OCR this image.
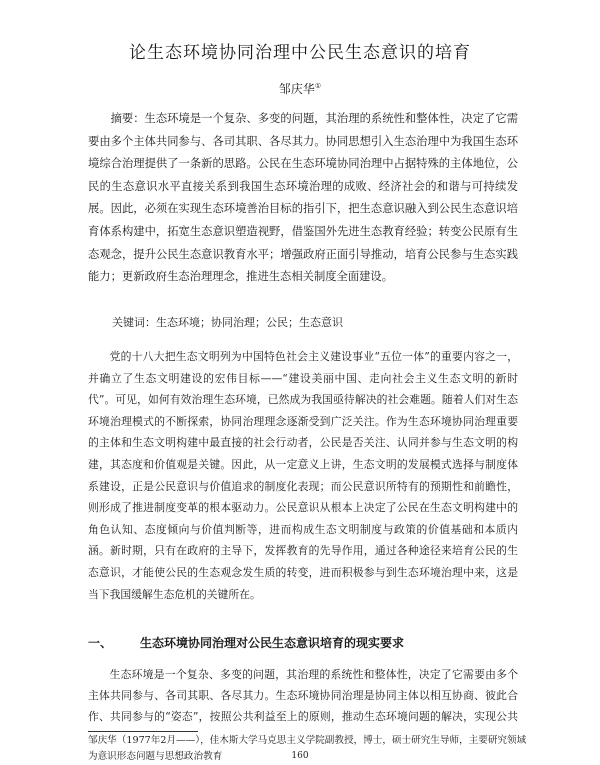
论生态环境协同治理中公民生态意识的培育
邹庆华①
摘要：生态环境是一个复杂、多变的问题，其治理的系统性和整体性，决定了它需要由多个主体共同参与、各司其职、各尽其力。协同思想引入生态治理中为我国生态环境综合治理提供了一条新的思路。公民在生态环境协同治理中占据特殊的主体地位，公民的生态意识水平直接关系到我国生态环境治理的成败、经济社会的和谐与可持续发展。因此，必须在实现生态环境善治目标的指引下，把生态意识融入到公民生态意识培育体系构建中，拓宽生态意识塑造视野，借鉴国外先进生态教育经验；转变公民原有生态观念，提升公民生态意识教育水平；增强政府正面引导推动，培育公民参与生态实践能力；更新政府生态治理理念，推进生态相关制度全面建设。
关键词：生态环境；协同治理；公民；生态意识
党的十八大把生态文明列为中国特色社会主义建设事业“五位一体”的重要内容之一，并确立了生态文明建设的宏伟目标——“建设美丽中国、走向社会主义生态文明的新时代”。可见，如何有效治理生态环境，已然成为我国亟待解决的社会难题。随着人们对生态环境治理模式的不断探索，协同治理理念逐渐受到广泛关注。作为生态环境协同治理重要的主体和生态文明构建中最直接的社会行动者，公民是否关注、认同并参与生态文明的构建，其态度和价值观是关键。因此，从一定意义上讲，生态文明的发展模式选择与制度体系建设，正是公民意识与价值追求的制度化表现；而公民意识所特有的预期性和前瞻性，则形成了推进制度变革的根本驱动力。公民意识从根本上决定了公民在生态文明构建中的角色认知、态度倾向与价值判断等，进而构成生态文明制度与政策的价值基础和本质内涵。新时期，只有在政府的主导下，发挥教育的先导作用，通过各种途径来培育公民的生态意识，才能使公民的生态观念发生质的转变，进而积极参与到生态环境治理中来，这是当下我国缓解生态危机的关键所在。
一、 生态环境协同治理对公民生态意识培育的现实要求
生态环境是一个复杂、多变的问题，其治理的系统性和整体性，决定了它需要由多个主体共同参与、各司其职、各尽其力。生态环境协同治理是协同主体以相互协商、彼此合作、共同参与的“姿态”，按照公共利益至上的原则，推动生态环境问题的解决，实现公共
邹庆华（1977年2月——），佳木斯大学马克思主义学院副教授，博士，硕士研究生导师，主要研究领域为意识形态问题与思想政治教育	160
